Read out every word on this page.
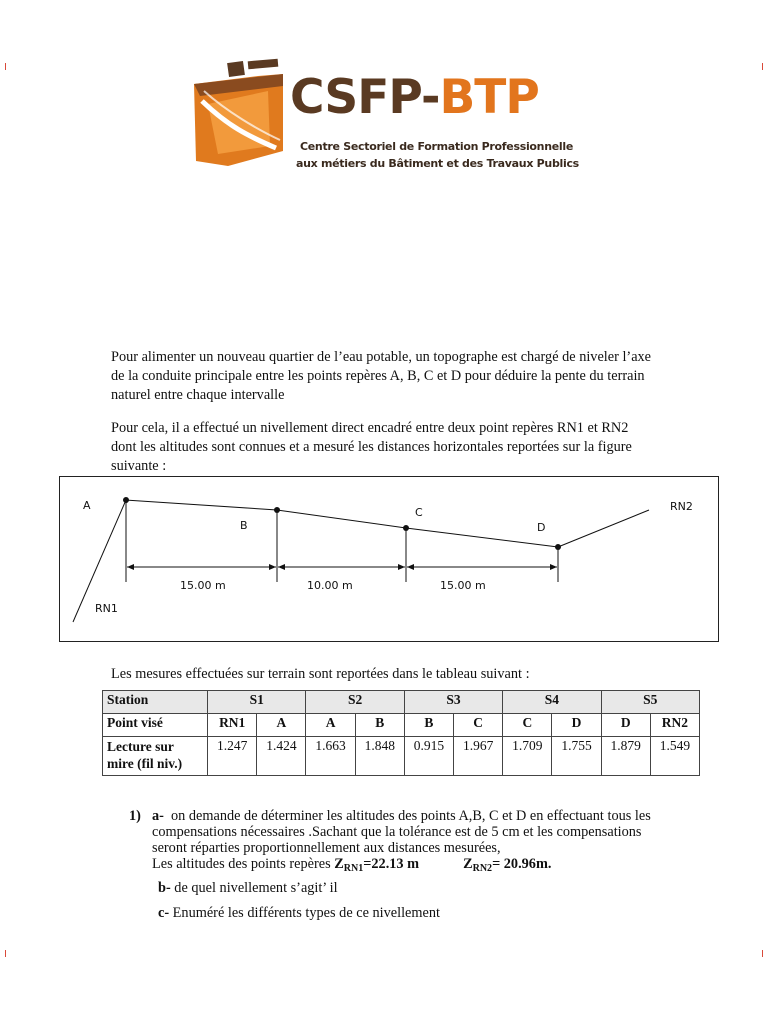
CSFP-BTP
Centre Sectoriel de Formation Professionnelle
aux métiers du Bâtiment et des Travaux Publics
Pour alimenter un nouveau quartier de l’eau potable, un topographe est chargé de niveler l’axe
de la conduite principale entre les points repères A, B, C et D pour déduire la pente du terrain
naturel entre chaque intervalle
Pour cela, il a effectué un nivellement direct encadré entre deux point repères RN1 et RN2
dont les altitudes sont connues et a mesuré les distances horizontales reportées sur la figure
suivante :
A
B
C
D
RN1
RN2
15.00 m	10.00 m	15.00 m

Les mesures effectuées sur terrain sont reportées dans le tableau suivant :

Station	S1		S2		S3		S4		S5	
Point visé	RN1	A	A	B	B	C	C	D	D	RN2
Lecture sur
mire (fil niv.)	1.247	1.424	1.663	1.848	0.915	1.967	1.709	1.755	1.879	1.549

1) a- on demande de déterminer les altitudes des points A,B, C et D en effectuant tous les

compensations nécessaires .Sachant que la tolérance est de 5 cm et les compensations
seront réparties proportionnellement aux distances mesurées,

Les altitudes des points repères $Z_{RN1}=22.13$ m	$Z_{RN2}= 20.96m$.

b- de quel nivellement s’agit’ il

c- Enuméré les différents types de ce nivellement
